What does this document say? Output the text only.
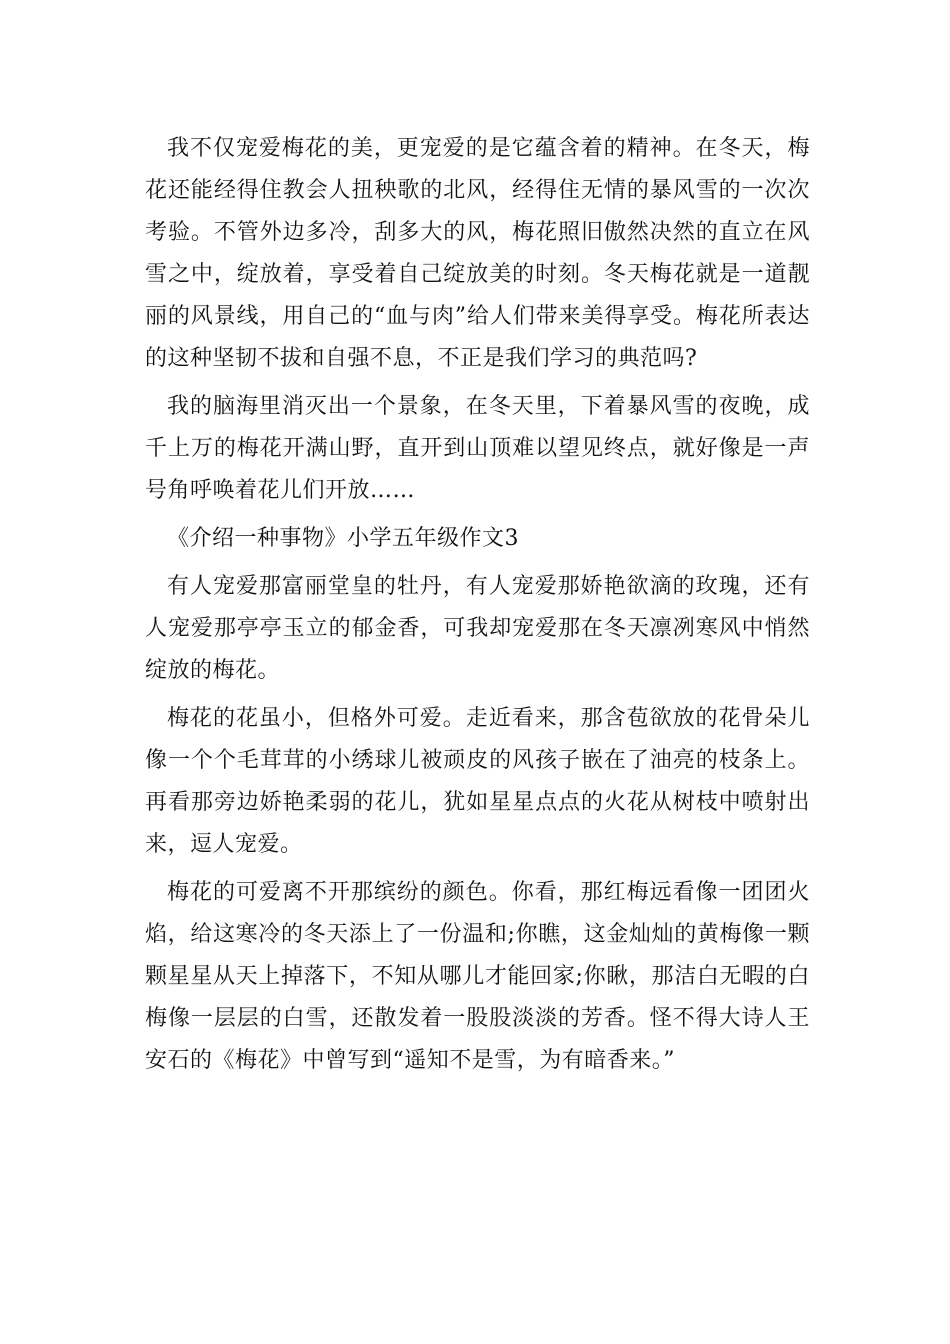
我不仅宠爱梅花的美，更宠爱的是它蕴含着的精神。在冬天，梅花还能经得住教会人扭秧歌的北风，经得住无情的暴风雪的一次次考验。不管外边多冷，刮多大的风，梅花照旧傲然决然的直立在风雪之中，绽放着，享受着自己绽放美的时刻。冬天梅花就是一道靓丽的风景线，用自己的“血与肉”给人们带来美得享受。梅花所表达的这种坚韧不拔和自强不息，不正是我们学习的典范吗?

我的脑海里消灭出一个景象，在冬天里，下着暴风雪的夜晚，成千上万的梅花开满山野，直开到山顶难以望见终点，就好像是一声号角呼唤着花儿们开放……

《介绍一种事物》小学五年级作文3

有人宠爱那富丽堂皇的牡丹，有人宠爱那娇艳欲滴的玫瑰，还有人宠爱那亭亭玉立的郁金香，可我却宠爱那在冬天凛冽寒风中悄然绽放的梅花。

梅花的花虽小，但格外可爱。走近看来，那含苞欲放的花骨朵儿像一个个毛茸茸的小绣球儿被顽皮的风孩子嵌在了油亮的枝条上。再看那旁边娇艳柔弱的花儿，犹如星星点点的火花从树枝中喷射出来，逗人宠爱。

梅花的可爱离不开那缤纷的颜色。你看，那红梅远看像一团团火焰，给这寒冷的冬天添上了一份温和;你瞧，这金灿灿的黄梅像一颗颗星星从天上掉落下，不知从哪儿才能回家;你瞅，那洁白无暇的白梅像一层层的白雪，还散发着一股股淡淡的芳香。怪不得大诗人王安石的《梅花》中曾写到“遥知不是雪，为有暗香来。”
